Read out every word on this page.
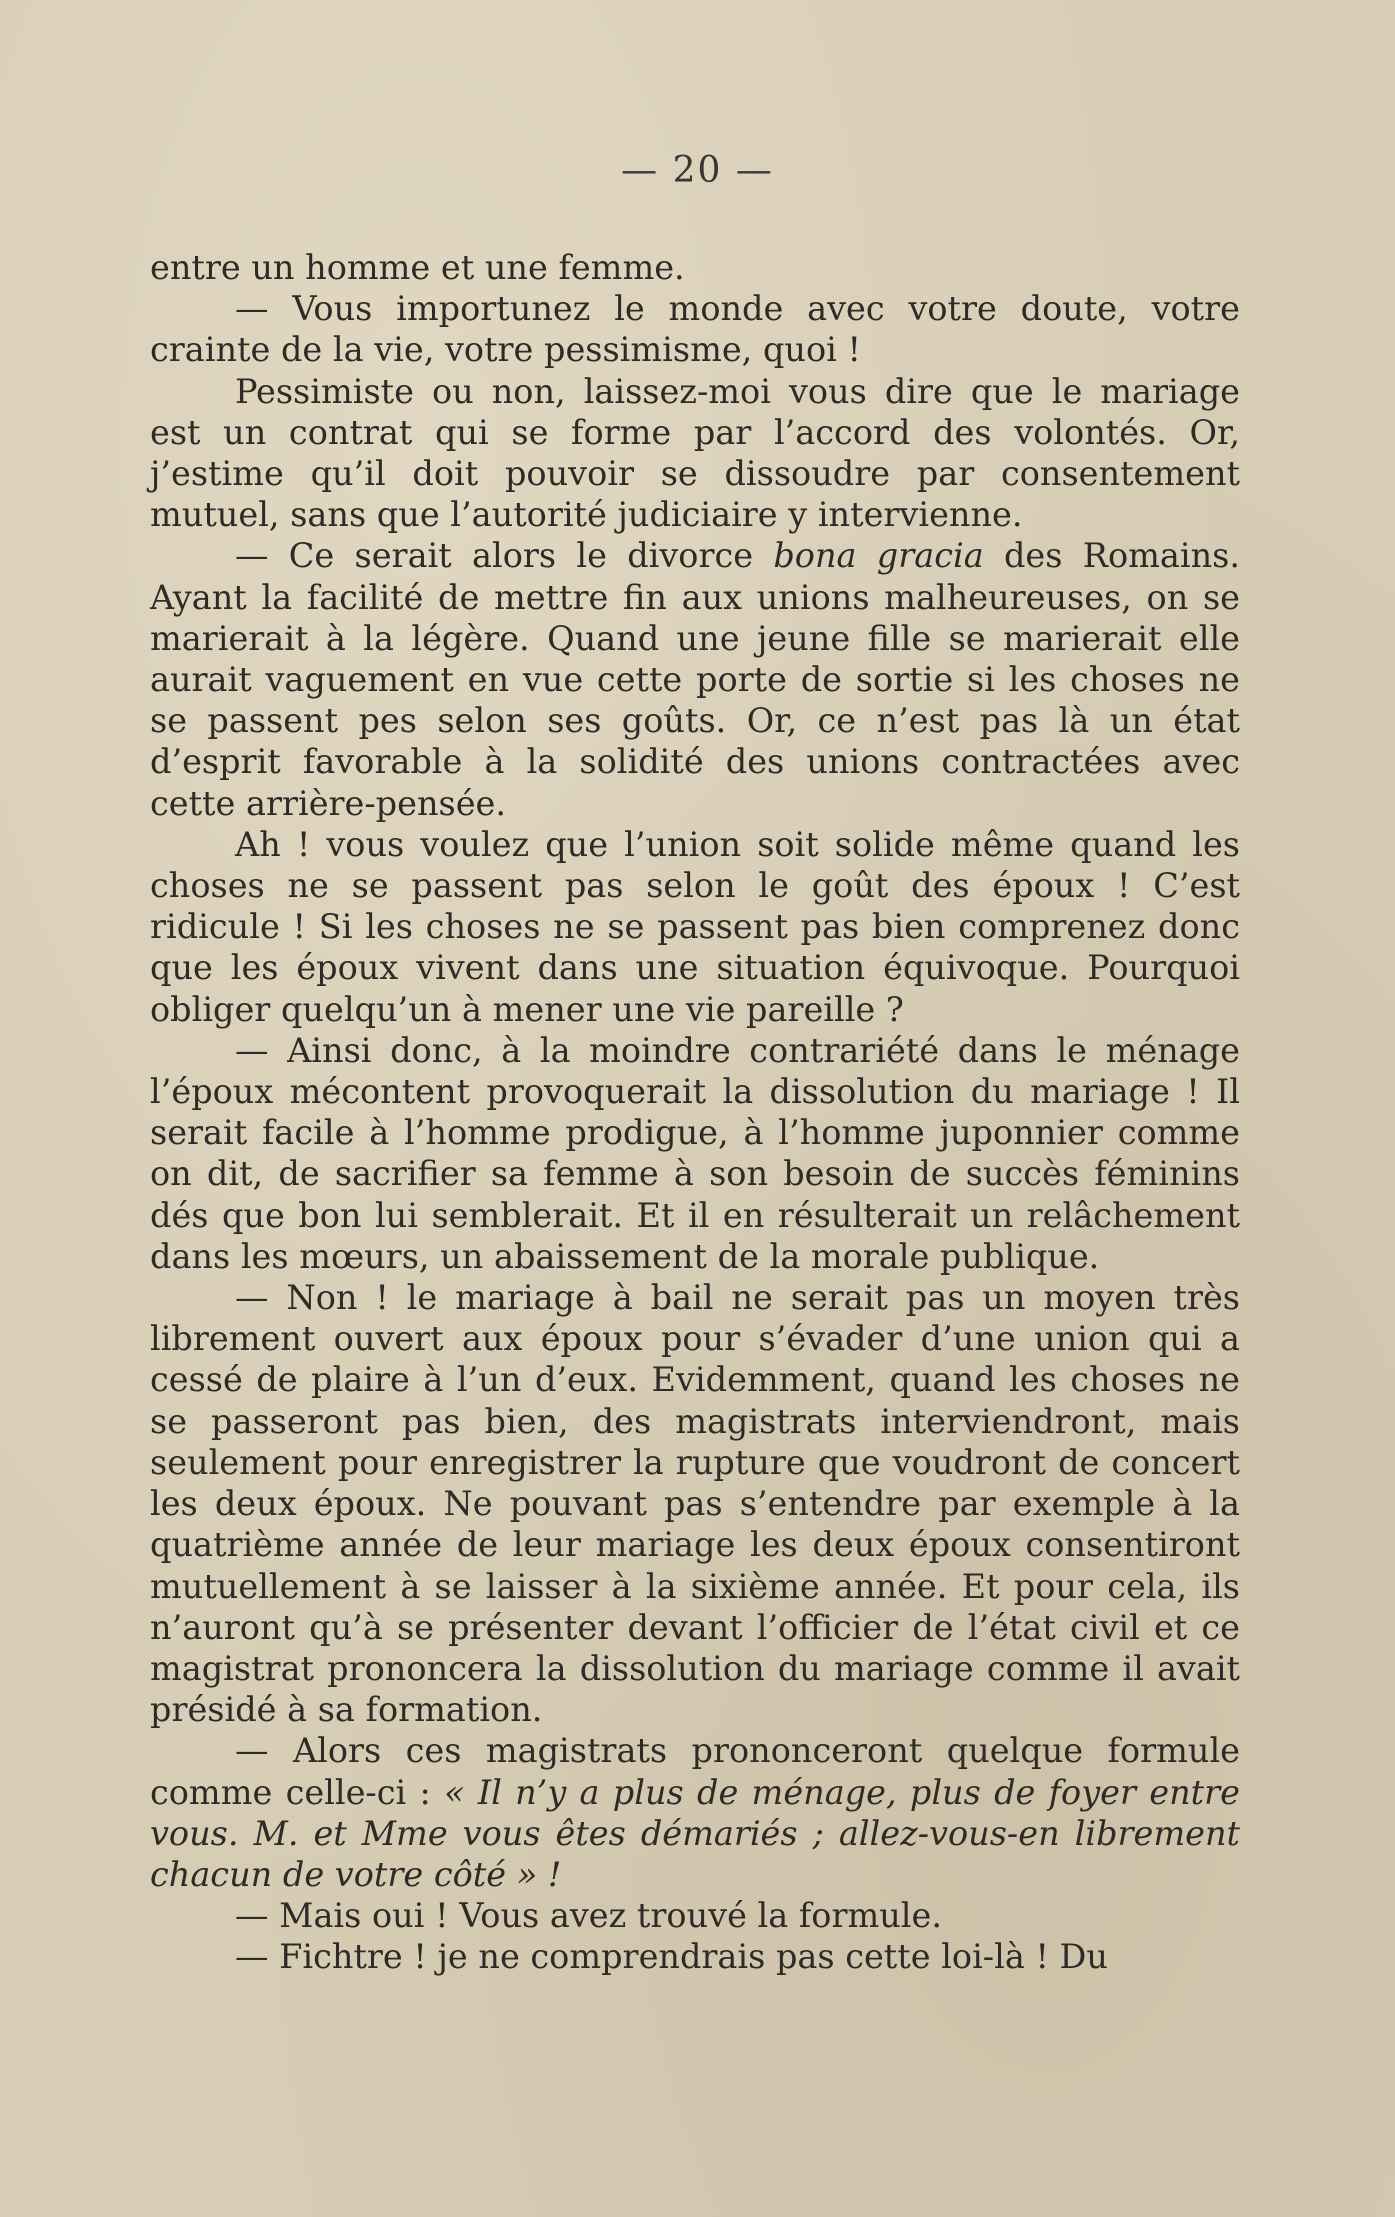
— 20 —

entre un homme et une femme.

— Vous importunez le monde avec votre doute, votre crainte de la vie, votre pessimisme, quoi !

Pessimiste ou non, laissez-moi vous dire que le mariage est un contrat qui se forme par l’accord des volontés. Or, j’estime qu’il doit pouvoir se dissoudre par consentement mutuel, sans que l’autorité judiciaire y intervienne.

— Ce serait alors le divorce bona gracia des Romains. Ayant la facilité de mettre fin aux unions malheureuses, on se marierait à la légère. Quand une jeune fille se marierait elle aurait vaguement en vue cette porte de sortie si les choses ne se passent pes selon ses goûts. Or, ce n’est pas là un état d’esprit favorable à la solidité des unions contractées avec cette arrière-pensée.

Ah ! vous voulez que l’union soit solide même quand les choses ne se passent pas selon le goût des époux ! C’est ridicule ! Si les choses ne se passent pas bien comprenez donc que les époux vivent dans une situation équivoque. Pourquoi obliger quelqu’un à mener une vie pareille ?

— Ainsi donc, à la moindre contrariété dans le ménage l’époux mécontent provoquerait la dissolution du mariage ! Il serait facile à l’homme prodigue, à l’homme juponnier comme on dit, de sacrifier sa femme à son besoin de succès féminins dés que bon lui semblerait. Et il en résulterait un relâchement dans les mœurs, un abaissement de la morale publique.

— Non ! le mariage à bail ne serait pas un moyen très librement ouvert aux époux pour s’évader d’une union qui a cessé de plaire à l’un d’eux. Evidemment, quand les choses ne se passeront pas bien, des magistrats interviendront, mais seulement pour enregistrer la rupture que voudront de concert les deux époux. Ne pouvant pas s’entendre par exemple à la quatrième année de leur mariage les deux époux consentiront mutuellement à se laisser à la sixième année. Et pour cela, ils n’auront qu’à se présenter devant l’officier de l’état civil et ce magistrat prononcera la dissolution du mariage comme il avait présidé à sa formation.

— Alors ces magistrats prononceront quelque formule comme celle-ci : « Il n’y a plus de ménage, plus de foyer entre vous. M. et Mme vous êtes démariés ; allez-vous-en librement chacun de votre côté » !

— Mais oui ! Vous avez trouvé la formule.

— Fichtre ! je ne comprendrais pas cette loi-là ! Du
